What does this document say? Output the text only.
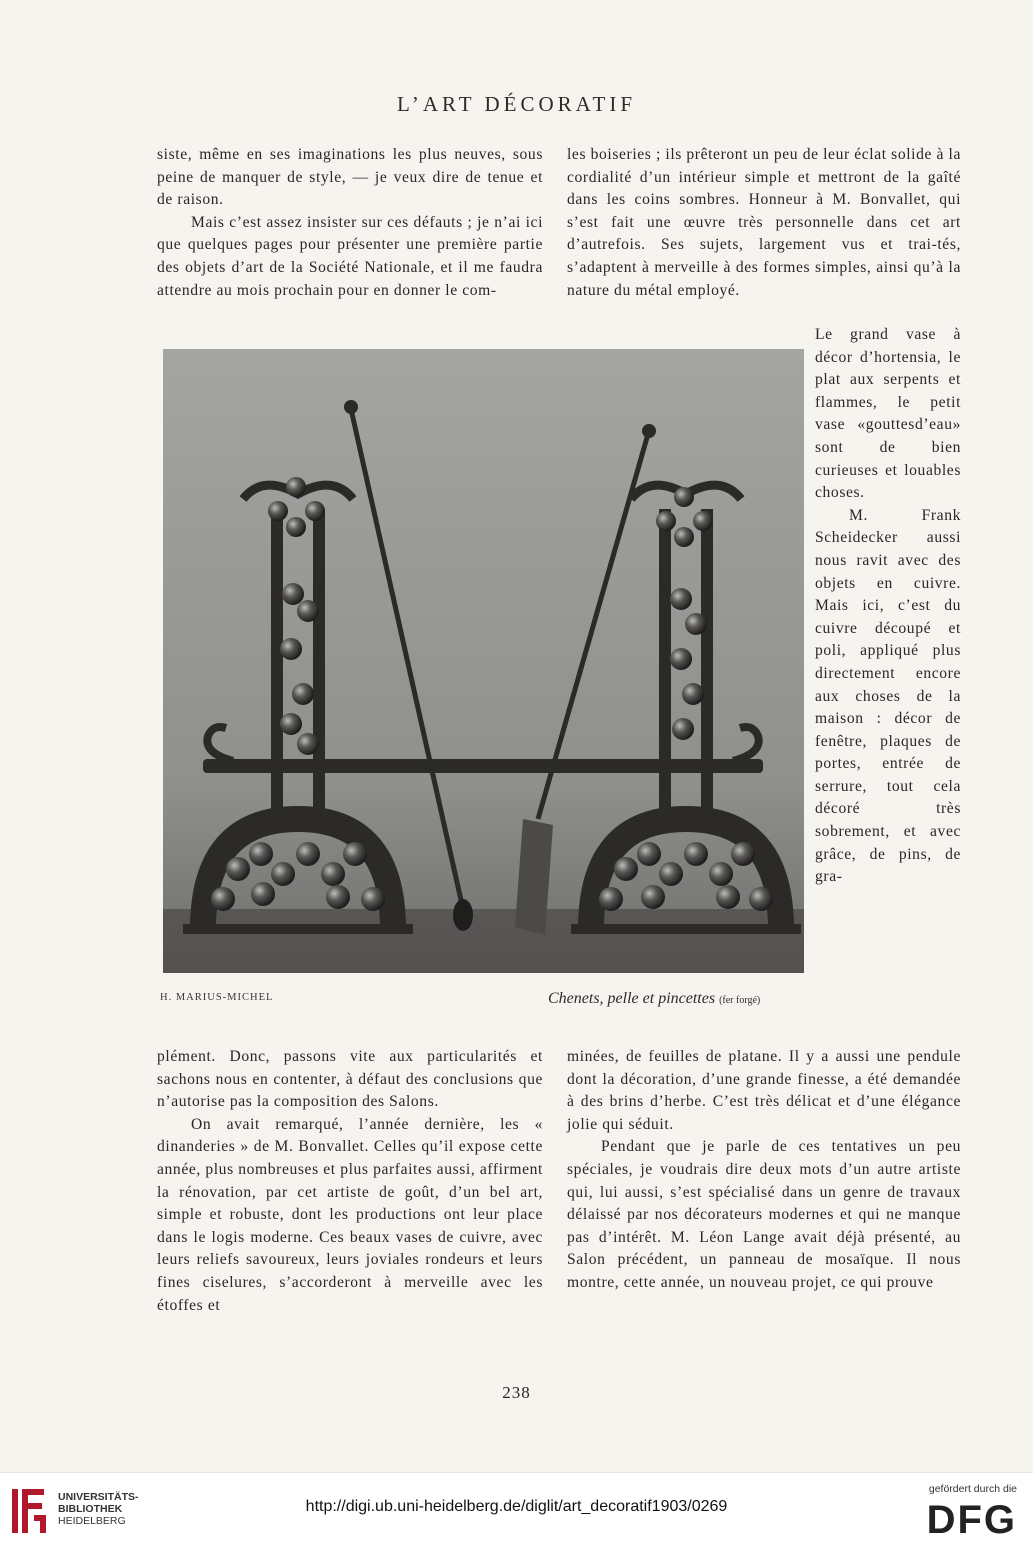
L’ART DÉCORATIF

siste, même en ses imaginations les plus neuves, sous peine de manquer de style, — je veux dire de tenue et de raison.

Mais c’est assez insister sur ces défauts ; je n’ai ici que quelques pages pour présenter une première partie des objets d’art de la Société Nationale, et il me faudra attendre au mois prochain pour en donner le com-

les boiseries ; ils prêteront un peu de leur éclat solide à la cordialité d’un intérieur simple et mettront de la gaîté dans les coins sombres. Honneur à M. Bonvallet, qui s’est fait une œuvre très personnelle dans cet art d’autrefois. Ses sujets, largement vus et trai-tés, s’adaptent à merveille à des formes simples, ainsi qu’à la nature du métal employé.

Le grand vase à décor d’hortensia, le plat aux serpents et flammes, le petit vase «gouttesd’eau» sont de bien curieuses et louables choses.

M. Frank Scheidecker aussi nous ravit avec des objets en cuivre. Mais ici, c’est du cuivre découpé et poli, appliqué plus directement encore aux choses de la maison : décor de fenêtre, plaques de portes, entrée de serrure, tout cela décoré très sobrement, et avec grâce, de pins, de gra-

H. MARIUS-MICHEL	Chenets, pelle et pincettes (fer forgé)

plément. Donc, passons vite aux particularités et sachons nous en contenter, à défaut des conclusions que n’autorise pas la composition des Salons.

On avait remarqué, l’année dernière, les « dinanderies » de M. Bonvallet. Celles qu’il expose cette année, plus nombreuses et plus parfaites aussi, affirment la rénovation, par cet artiste de goût, d’un bel art, simple et robuste, dont les productions ont leur place dans le logis moderne. Ces beaux vases de cuivre, avec leurs reliefs savoureux, leurs joviales rondeurs et leurs fines ciselures, s’accorderont à merveille avec les étoffes et

minées, de feuilles de platane. Il y a aussi une pendule dont la décoration, d’une grande finesse, a été demandée à des brins d’herbe. C’est très délicat et d’une élégance jolie qui séduit.

Pendant que je parle de ces tentatives un peu spéciales, je voudrais dire deux mots d’un autre artiste qui, lui aussi, s’est spécialisé dans un genre de travaux délaissé par nos décorateurs modernes et qui ne manque pas d’intérêt. M. Léon Lange avait déjà présenté, au Salon précédent, un panneau de mosaïque. Il nous montre, cette année, un nouveau projet, ce qui prouve

238
UNIVERSITÄTS-
BIBLIOTHEK
HEIDELBERG
http://digi.ub.uni-heidelberg.de/diglit/art_decoratif1903/0269
gefördert durch die
DFG
